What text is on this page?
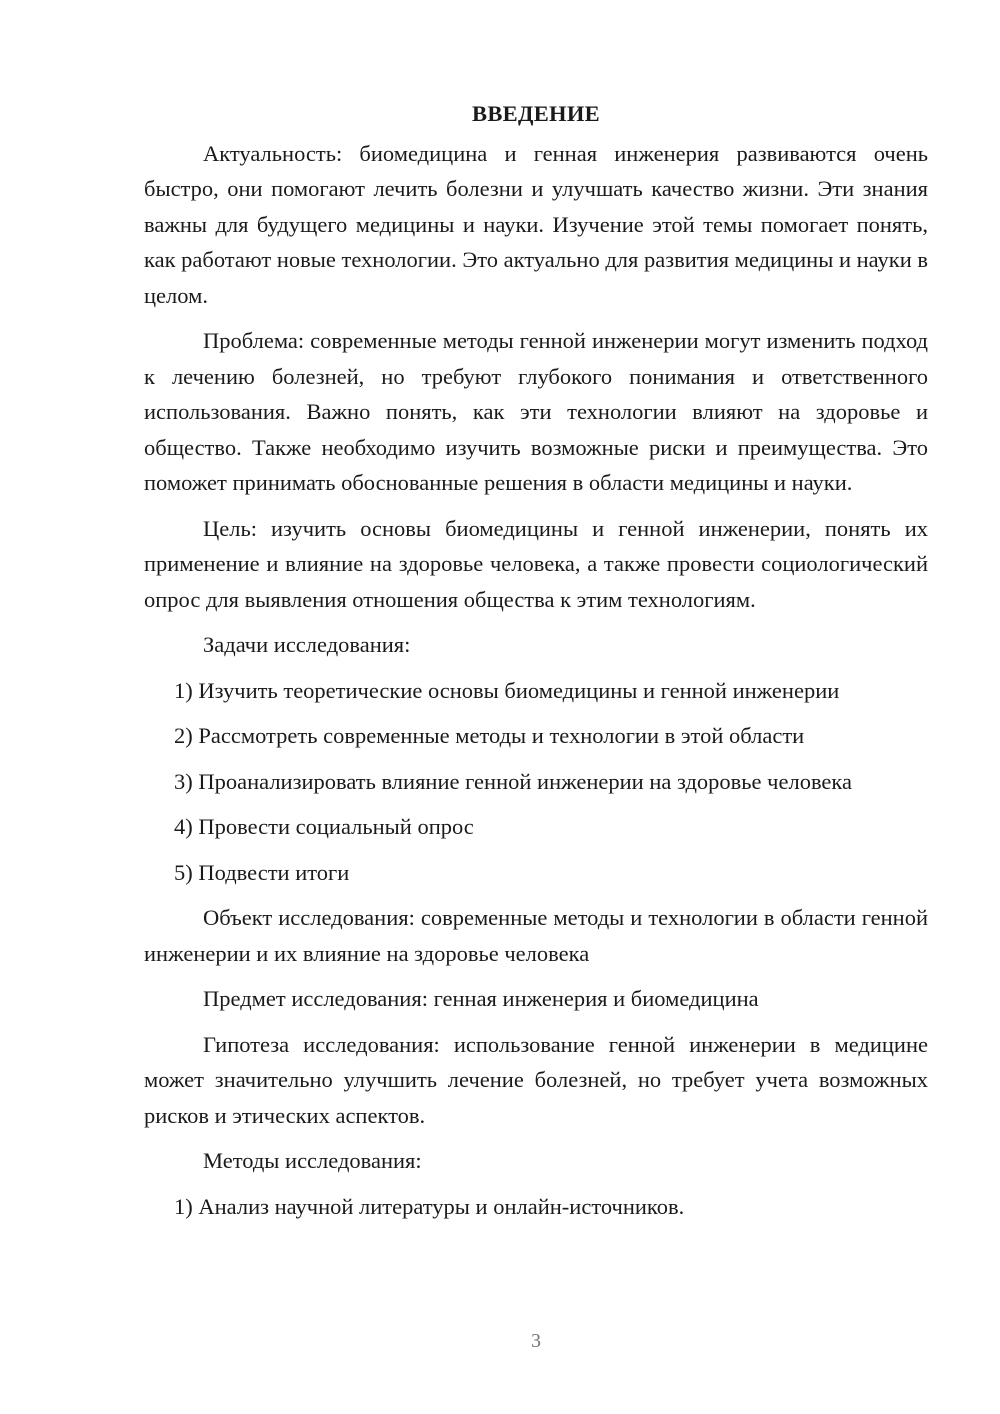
ВВЕДЕНИЕ
Актуальность: биомедицина и генная инженерия развиваются очень быстро, они помогают лечить болезни и улучшать качество жизни. Эти знания важны для будущего медицины и науки. Изучение этой темы помогает понять, как работают новые технологии. Это актуально для развития медицины и науки в целом.
Проблема: современные методы генной инженерии могут изменить подход к лечению болезней, но требуют глубокого понимания и ответственного использования. Важно понять, как эти технологии влияют на здоровье и общество. Также необходимо изучить возможные риски и преимущества. Это поможет принимать обоснованные решения в области медицины и науки.
Цель: изучить основы биомедицины и генной инженерии, понять их применение и влияние на здоровье человека, а также провести социологический опрос для выявления отношения общества к этим технологиям.
Задачи исследования:
1) Изучить теоретические основы биомедицины и генной инженерии
2) Рассмотреть современные методы и технологии в этой области
3) Проанализировать влияние генной инженерии на здоровье человека
4) Провести социальный опрос
5) Подвести итоги
Объект исследования: современные методы и технологии в области генной инженерии и их влияние на здоровье человека
Предмет исследования: генная инженерия и биомедицина
Гипотеза исследования: использование генной инженерии в медицине может значительно улучшить лечение болезней, но требует учета возможных рисков и этических аспектов.
Методы исследования:
1) Анализ научной литературы и онлайн-источников.
3
